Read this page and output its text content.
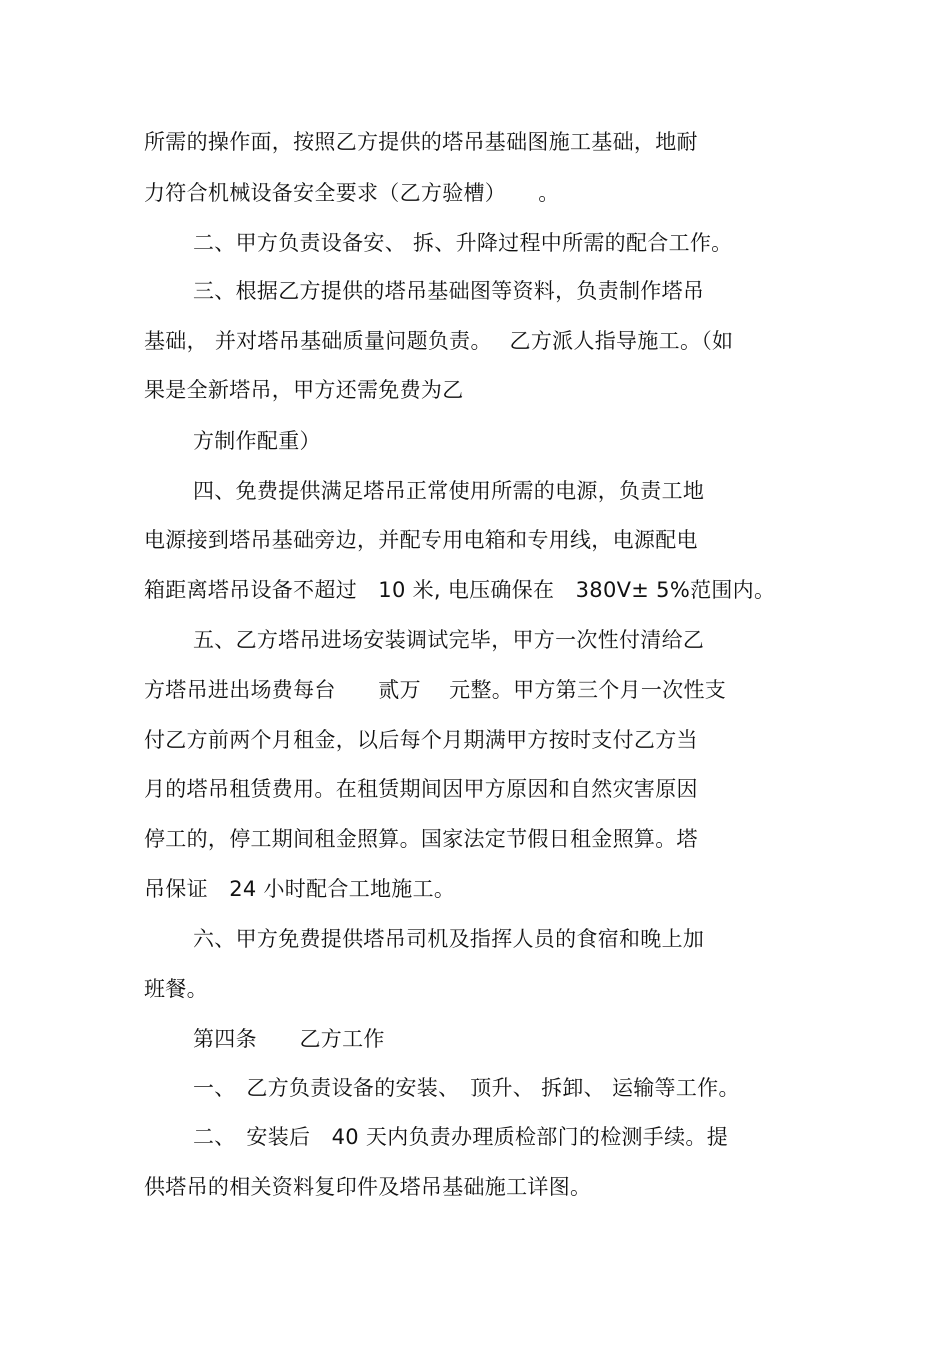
所需的操作面，按照乙方提供的塔吊基础图施工基础，地耐
力符合机械设备安全要求（乙方验槽）　　。
二、甲方负责设备安、 拆、升降过程中所需的配合工作。
三、根据乙方提供的塔吊基础图等资料，负责制作塔吊
基础， 并对塔吊基础质量问题负责。　 乙方派人指导施工。（如
果是全新塔吊，甲方还需免费为乙
方制作配重）
四、免费提供满足塔吊正常使用所需的电源，负责工地
电源接到塔吊基础旁边，并配专用电箱和专用线，电源配电
箱距离塔吊设备不超过　10 米, 电压确保在　380V± 5%范围内。
五、乙方塔吊进场安装调试完毕，甲方一次性付清给乙
方塔吊进出场费每台　　贰万　 元整。甲方第三个月一次性支
付乙方前两个月租金，以后每个月期满甲方按时支付乙方当
月的塔吊租赁费用。在租赁期间因甲方原因和自然灾害原因
停工的，停工期间租金照算。国家法定节假日租金照算。塔
吊保证　24 小时配合工地施工。
六、甲方免费提供塔吊司机及指挥人员的食宿和晚上加
班餐。
第四条　　乙方工作
一、　乙方负责设备的安装、　顶升、 拆卸、 运输等工作。
二、　安装后　40 天内负责办理质检部门的检测手续。提
供塔吊的相关资料复印件及塔吊基础施工详图。
